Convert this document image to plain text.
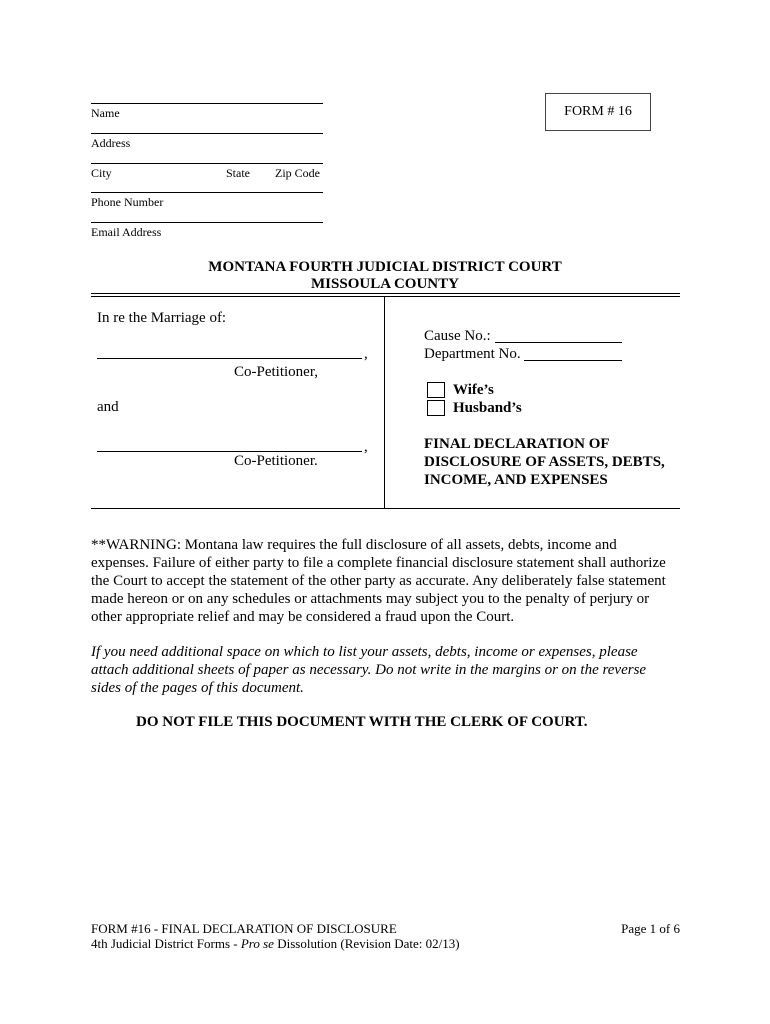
Name
Address
City	State Zip Code
Phone Number
Email Address
FORM # 16
MONTANA FOURTH JUDICIAL DISTRICT COURT
MISSOULA COUNTY
In re the Marriage of:
,
Co-Petitioner,
and
,
Co-Petitioner.
Cause No.:
Department No.
Wife’s
Husband’s
FINAL DECLARATION OF
DISCLOSURE OF ASSETS, DEBTS,
INCOME, AND EXPENSES
**WARNING: Montana law requires the full disclosure of all assets, debts, income and
expenses. Failure of either party to file a complete financial disclosure statement shall authorize
the Court to accept the statement of the other party as accurate. Any deliberately false statement
made hereon or on any schedules or attachments may subject you to the penalty of perjury or
other appropriate relief and may be considered a fraud upon the Court.
If you need additional space on which to list your assets, debts, income or expenses, please
attach additional sheets of paper as necessary. Do not write in the margins or on the reverse
sides of the pages of this document.
DO NOT FILE THIS DOCUMENT WITH THE CLERK OF COURT.
FORM #16 - FINAL DECLARATION OF DISCLOSURE
4th Judicial District Forms - Pro se Dissolution (Revision Date: 02/13)
Page 1 of 6
